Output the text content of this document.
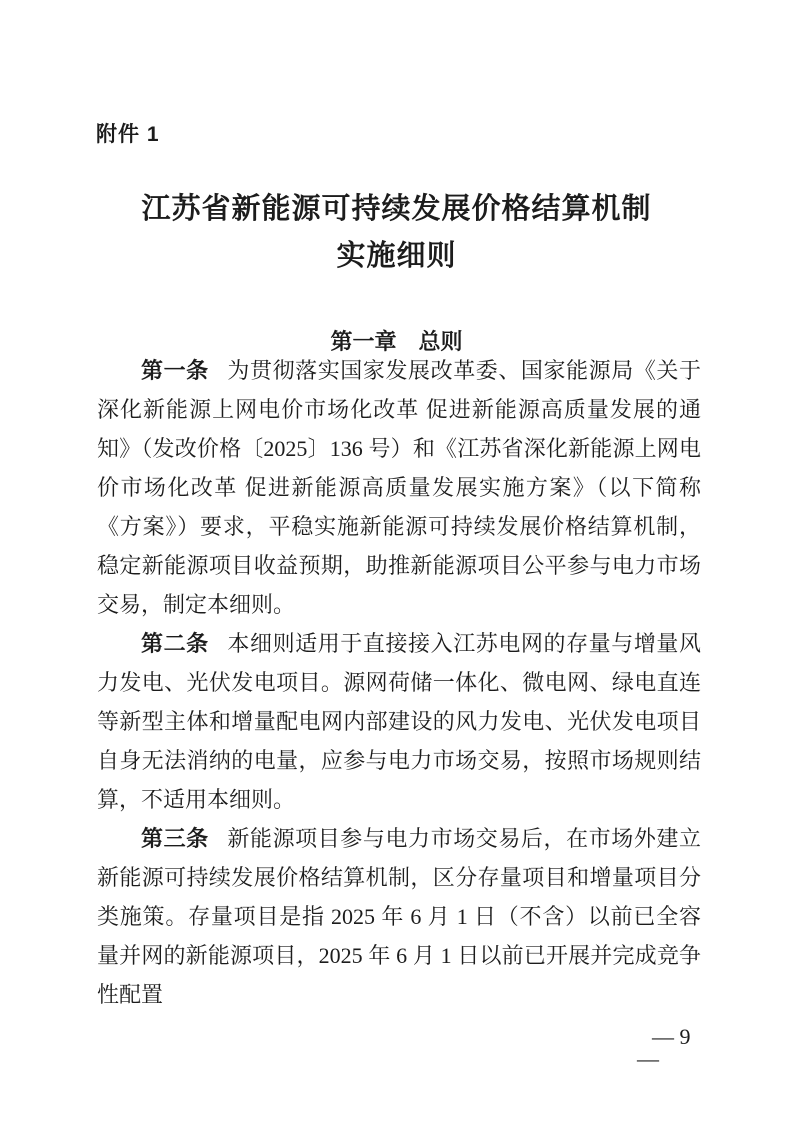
附件 1
江苏省新能源可持续发展价格结算机制
实施细则
第一章　总则

第一条 为贯彻落实国家发展改革委、国家能源局《关于深化新能源上网电价市场化改革 促进新能源高质量发展的通知》（发改价格〔2025〕136 号）和《江苏省深化新能源上网电价市场化改革 促进新能源高质量发展实施方案》（以下简称《方案》）要求，平稳实施新能源可持续发展价格结算机制，稳定新能源项目收益预期，助推新能源项目公平参与电力市场交易，制定本细则。

第二条 本细则适用于直接接入江苏电网的存量与增量风力发电、光伏发电项目。源网荷储一体化、微电网、绿电直连等新型主体和增量配电网内部建设的风力发电、光伏发电项目自身无法消纳的电量，应参与电力市场交易，按照市场规则结算，不适用本细则。

第三条 新能源项目参与电力市场交易后，在市场外建立新能源可持续发展价格结算机制，区分存量项目和增量项目分类施策。存量项目是指 2025 年 6 月 1 日（不含）以前已全容量并网的新能源项目，2025 年 6 月 1 日以前已开展并完成竞争性配置

— 9
—
